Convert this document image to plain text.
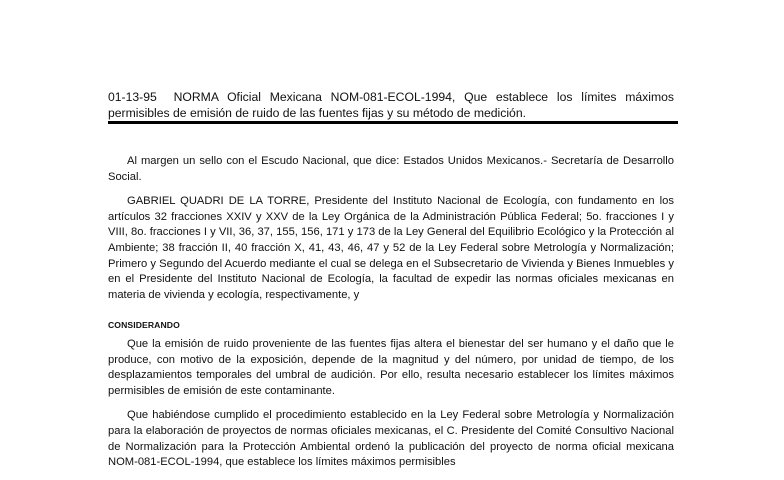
01-13-95 NORMA Oficial Mexicana NOM-081-ECOL-1994, Que establece los límites máximos permisibles de emisión de ruido de las fuentes fijas y su método de medición.

Al margen un sello con el Escudo Nacional, que dice: Estados Unidos Mexicanos.- Secretaría de Desarrollo Social.

GABRIEL QUADRI DE LA TORRE, Presidente del Instituto Nacional de Ecología, con fundamento en los artículos 32 fracciones XXIV y XXV de la Ley Orgánica de la Administración Pública Federal; 5o. fracciones I y VIII, 8o. fracciones I y VII, 36, 37, 155, 156, 171 y 173 de la Ley General del Equilibrio Ecológico y la Protección al Ambiente; 38 fracción II, 40 fracción X, 41, 43, 46, 47 y 52 de la Ley Federal sobre Metrología y Normalización; Primero y Segundo del Acuerdo mediante el cual se delega en el Subsecretario de Vivienda y Bienes Inmuebles y en el Presidente del Instituto Nacional de Ecología, la facultad de expedir las normas oficiales mexicanas en materia de vivienda y ecología, respectivamente, y

CONSIDERANDO

Que la emisión de ruido proveniente de las fuentes fijas altera el bienestar del ser humano y el daño que le produce, con motivo de la exposición, depende de la magnitud y del número, por unidad de tiempo, de los desplazamientos temporales del umbral de audición. Por ello, resulta necesario establecer los límites máximos permisibles de emisión de este contaminante.

Que habiéndose cumplido el procedimiento establecido en la Ley Federal sobre Metrología y Normalización para la elaboración de proyectos de normas oficiales mexicanas, el C. Presidente del Comité Consultivo Nacional de Normalización para la Protección Ambiental ordenó la publicación del proyecto de norma oficial mexicana NOM-081-ECOL-1994, que establece los límites máximos permisibles
